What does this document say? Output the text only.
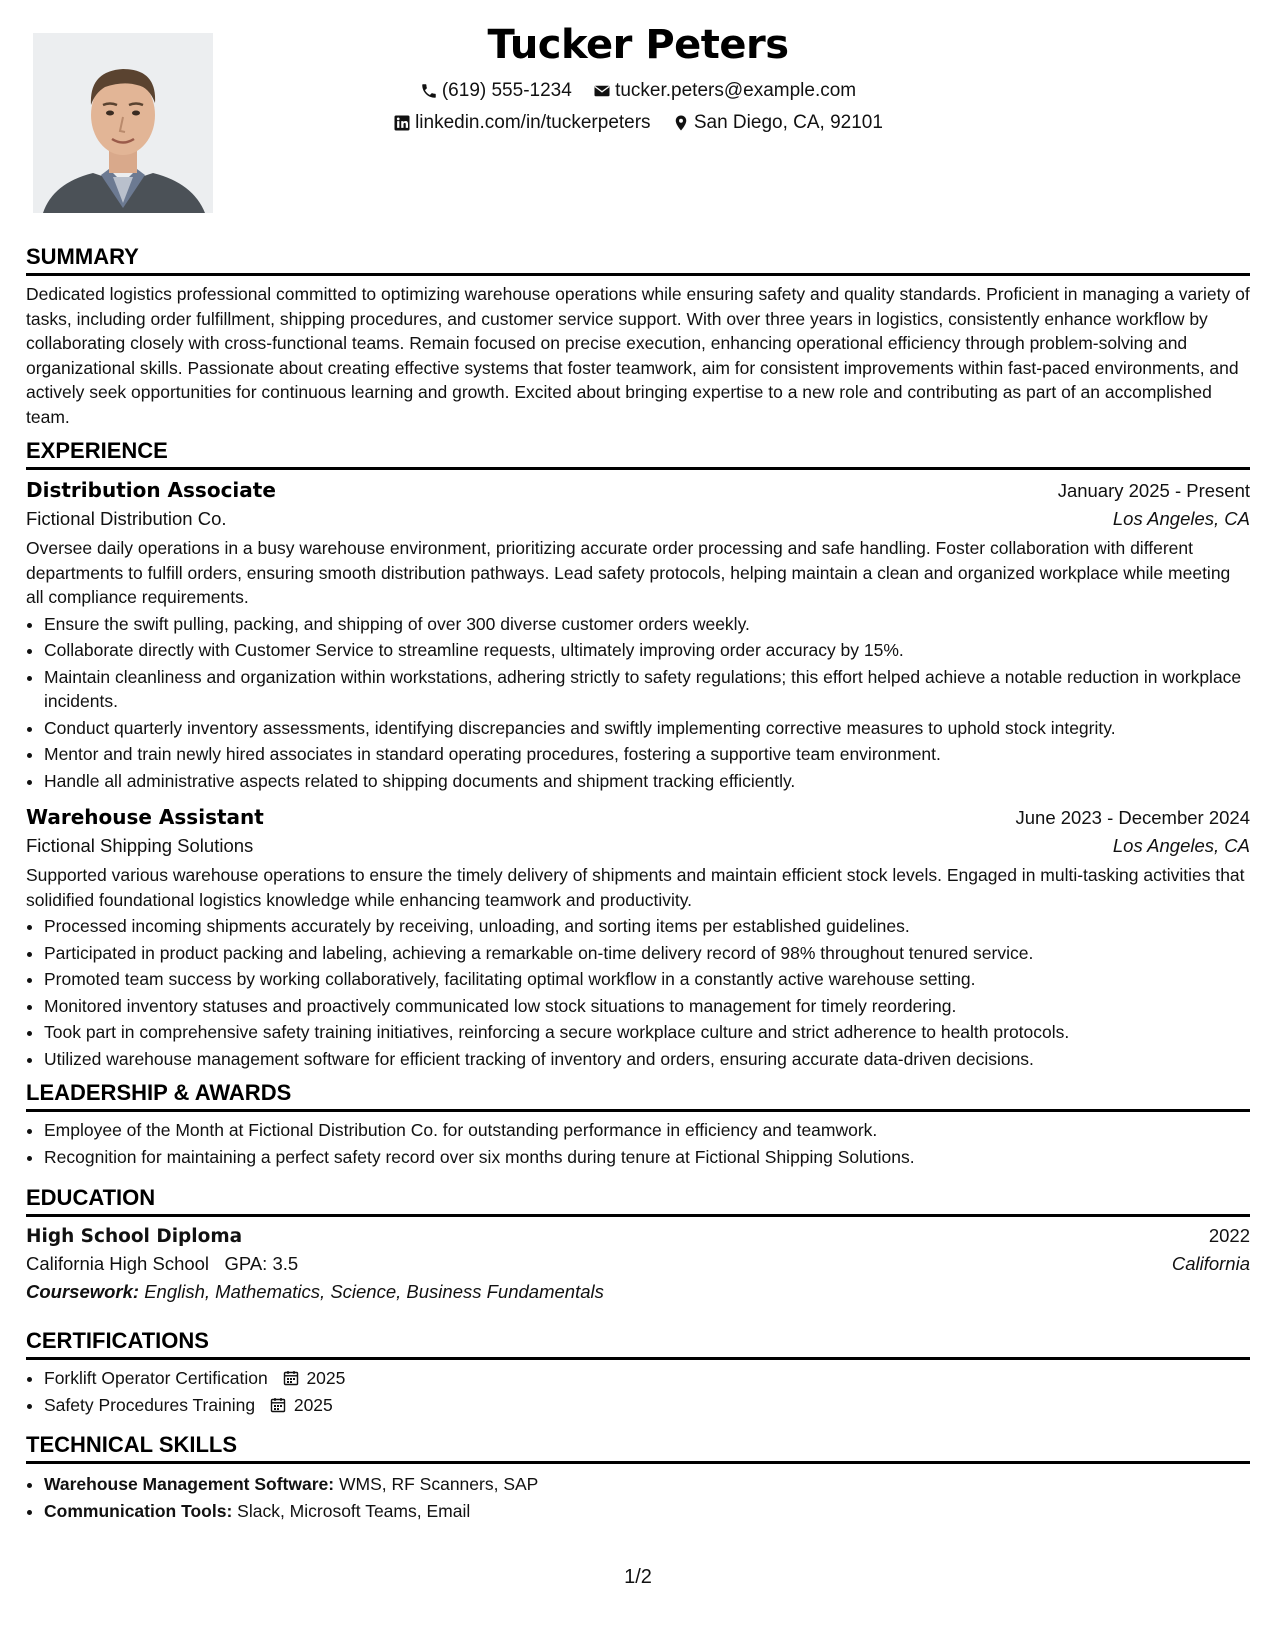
Tucker Peters
(619) 555-1234
tucker.peters@example.com
linkedin.com/in/tuckerpeters
San Diego, CA, 92101
SUMMARY

Dedicated logistics professional committed to optimizing warehouse operations while ensuring safety and quality standards. Proficient in managing a variety of tasks, including order fulfillment, shipping procedures, and customer service support. With over three years in logistics, consistently enhance workflow by collaborating closely with cross-functional teams. Remain focused on precise execution, enhancing operational efficiency through problem-solving and organizational skills. Passionate about creating effective systems that foster teamwork, aim for consistent improvements within fast-paced environments, and actively seek opportunities for continuous learning and growth. Excited about bringing expertise to a new role and contributing as part of an accomplished team.

EXPERIENCE
Distribution Associate	January 2025 - Present
Fictional Distribution Co.	Los Angeles, CA

Oversee daily operations in a busy warehouse environment, prioritizing accurate order processing and safe handling. Foster collaboration with different departments to fulfill orders, ensuring smooth distribution pathways. Lead safety protocols, helping maintain a clean and organized workplace while meeting all compliance requirements.

• Ensure the swift pulling, packing, and shipping of over 300 diverse customer orders weekly.
• Collaborate directly with Customer Service to streamline requests, ultimately improving order accuracy by 15%.
• Maintain cleanliness and organization within workstations, adhering strictly to safety regulations; this effort helped achieve a notable reduction in workplace incidents.
• Conduct quarterly inventory assessments, identifying discrepancies and swiftly implementing corrective measures to uphold stock integrity.
• Mentor and train newly hired associates in standard operating procedures, fostering a supportive team environment.
• Handle all administrative aspects related to shipping documents and shipment tracking efficiently.
Warehouse Assistant	June 2023 - December 2024
Fictional Shipping Solutions	Los Angeles, CA

Supported various warehouse operations to ensure the timely delivery of shipments and maintain efficient stock levels. Engaged in multi-tasking activities that solidified foundational logistics knowledge while enhancing teamwork and productivity.

• Processed incoming shipments accurately by receiving, unloading, and sorting items per established guidelines.
• Participated in product packing and labeling, achieving a remarkable on-time delivery record of 98% throughout tenured service.
• Promoted team success by working collaboratively, facilitating optimal workflow in a constantly active warehouse setting.
• Monitored inventory statuses and proactively communicated low stock situations to management for timely reordering.
• Took part in comprehensive safety training initiatives, reinforcing a secure workplace culture and strict adherence to health protocols.
• Utilized warehouse management software for efficient tracking of inventory and orders, ensuring accurate data-driven decisions.
LEADERSHIP & AWARDS
• Employee of the Month at Fictional Distribution Co. for outstanding performance in efficiency and teamwork.
• Recognition for maintaining a perfect safety record over six months during tenure at Fictional Shipping Solutions.
EDUCATION
High School Diploma	2022
California High School GPA: 3.5	California
Coursework: English, Mathematics, Science, Business Fundamentals
CERTIFICATIONS
• Forklift Operator Certification 2025
• Safety Procedures Training 2025
TECHNICAL SKILLS
• Warehouse Management Software: WMS, RF Scanners, SAP
• Communication Tools: Slack, Microsoft Teams, Email
1/2
